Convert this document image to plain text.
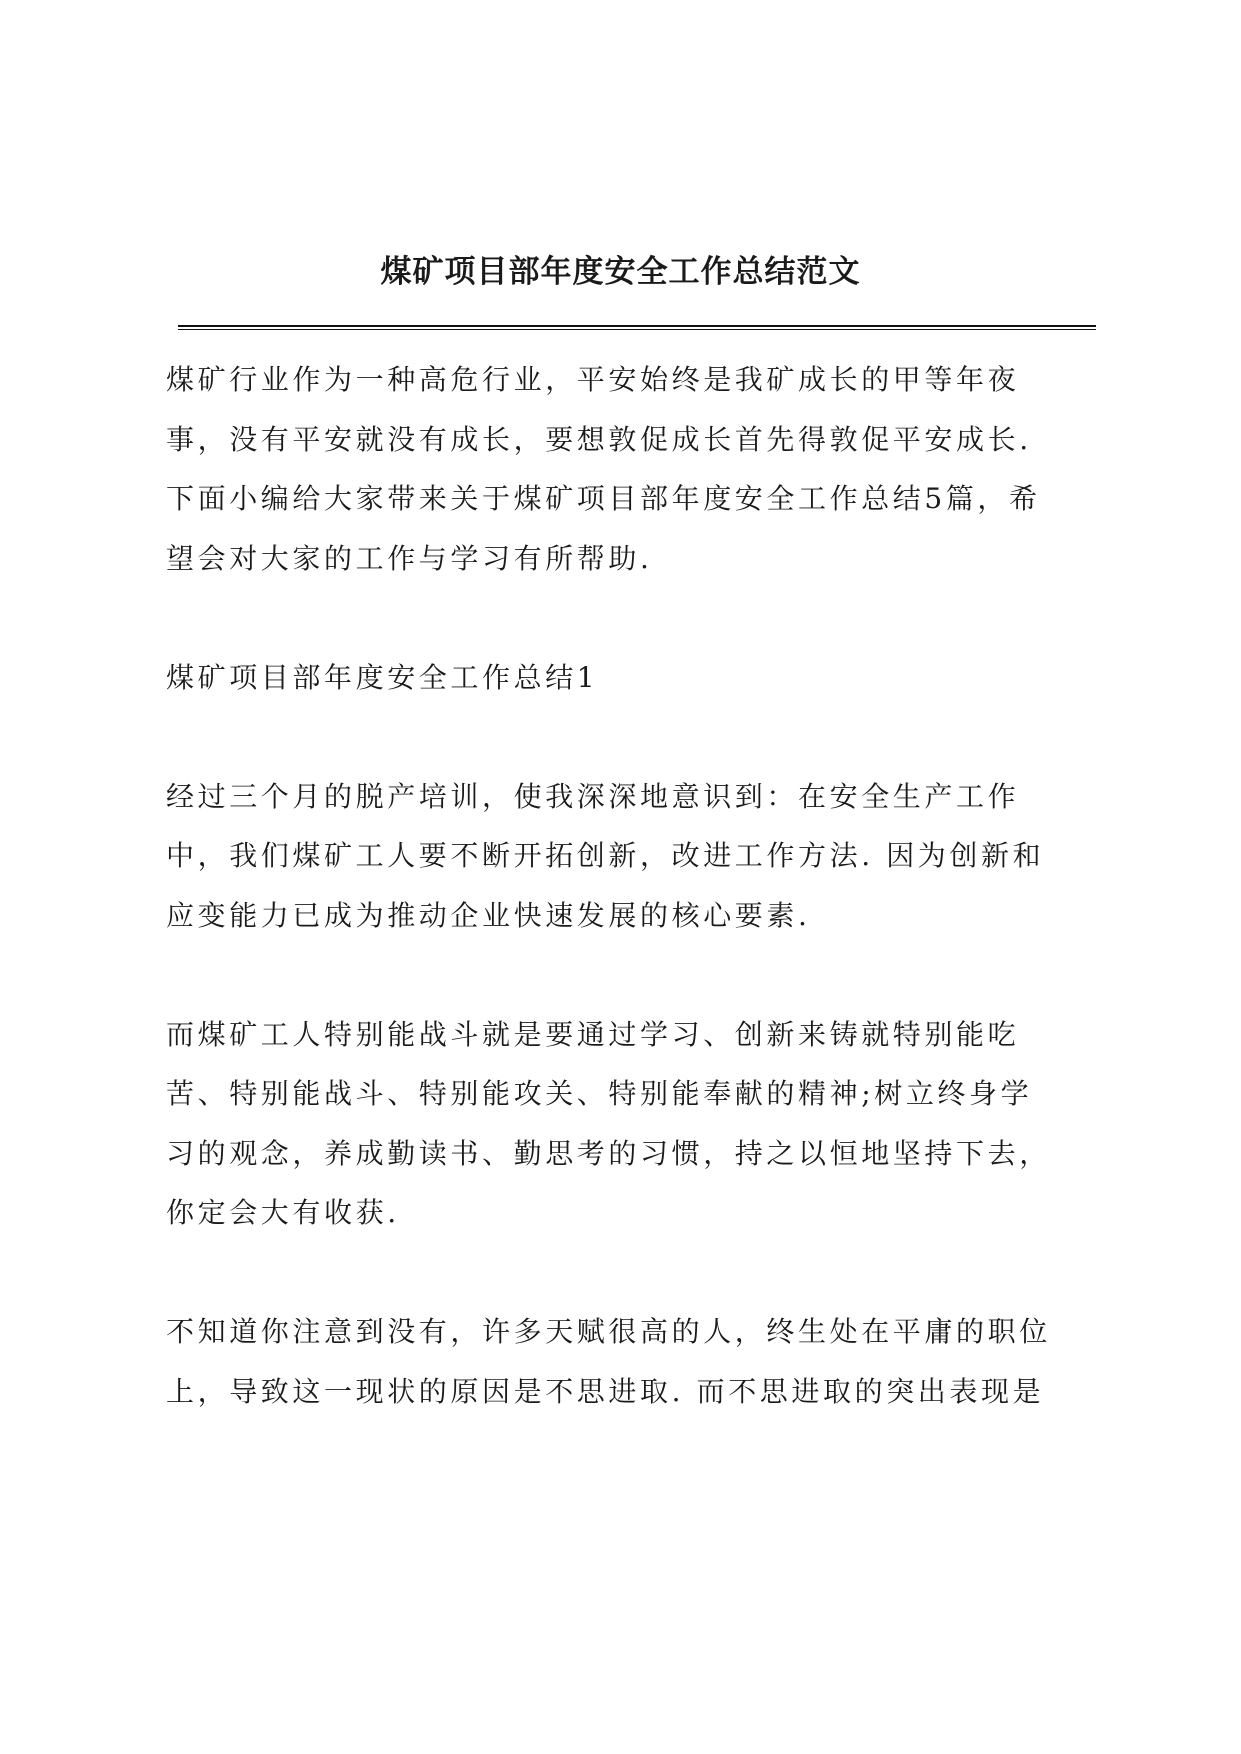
煤矿项目部年度安全工作总结范文

煤矿行业作为一种高危行业，平安始终是我矿成长的甲等年夜
事，没有平安就没有成长，要想敦促成长首先得敦促平安成长.
下面小编给大家带来关于煤矿项目部年度安全工作总结5篇，希
望会对大家的工作与学习有所帮助.

煤矿项目部年度安全工作总结1

经过三个月的脱产培训，使我深深地意识到：在安全生产工作
中，我们煤矿工人要不断开拓创新，改进工作方法. 因为创新和
应变能力已成为推动企业快速发展的核心要素.

而煤矿工人特别能战斗就是要通过学习、创新来铸就特别能吃
苦、特别能战斗、特别能攻关、特别能奉献的精神;树立终身学
习的观念，养成勤读书、勤思考的习惯，持之以恒地坚持下去，
你定会大有收获.

不知道你注意到没有，许多天赋很高的人，终生处在平庸的职位
上，导致这一现状的原因是不思进取. 而不思进取的突出表现是
